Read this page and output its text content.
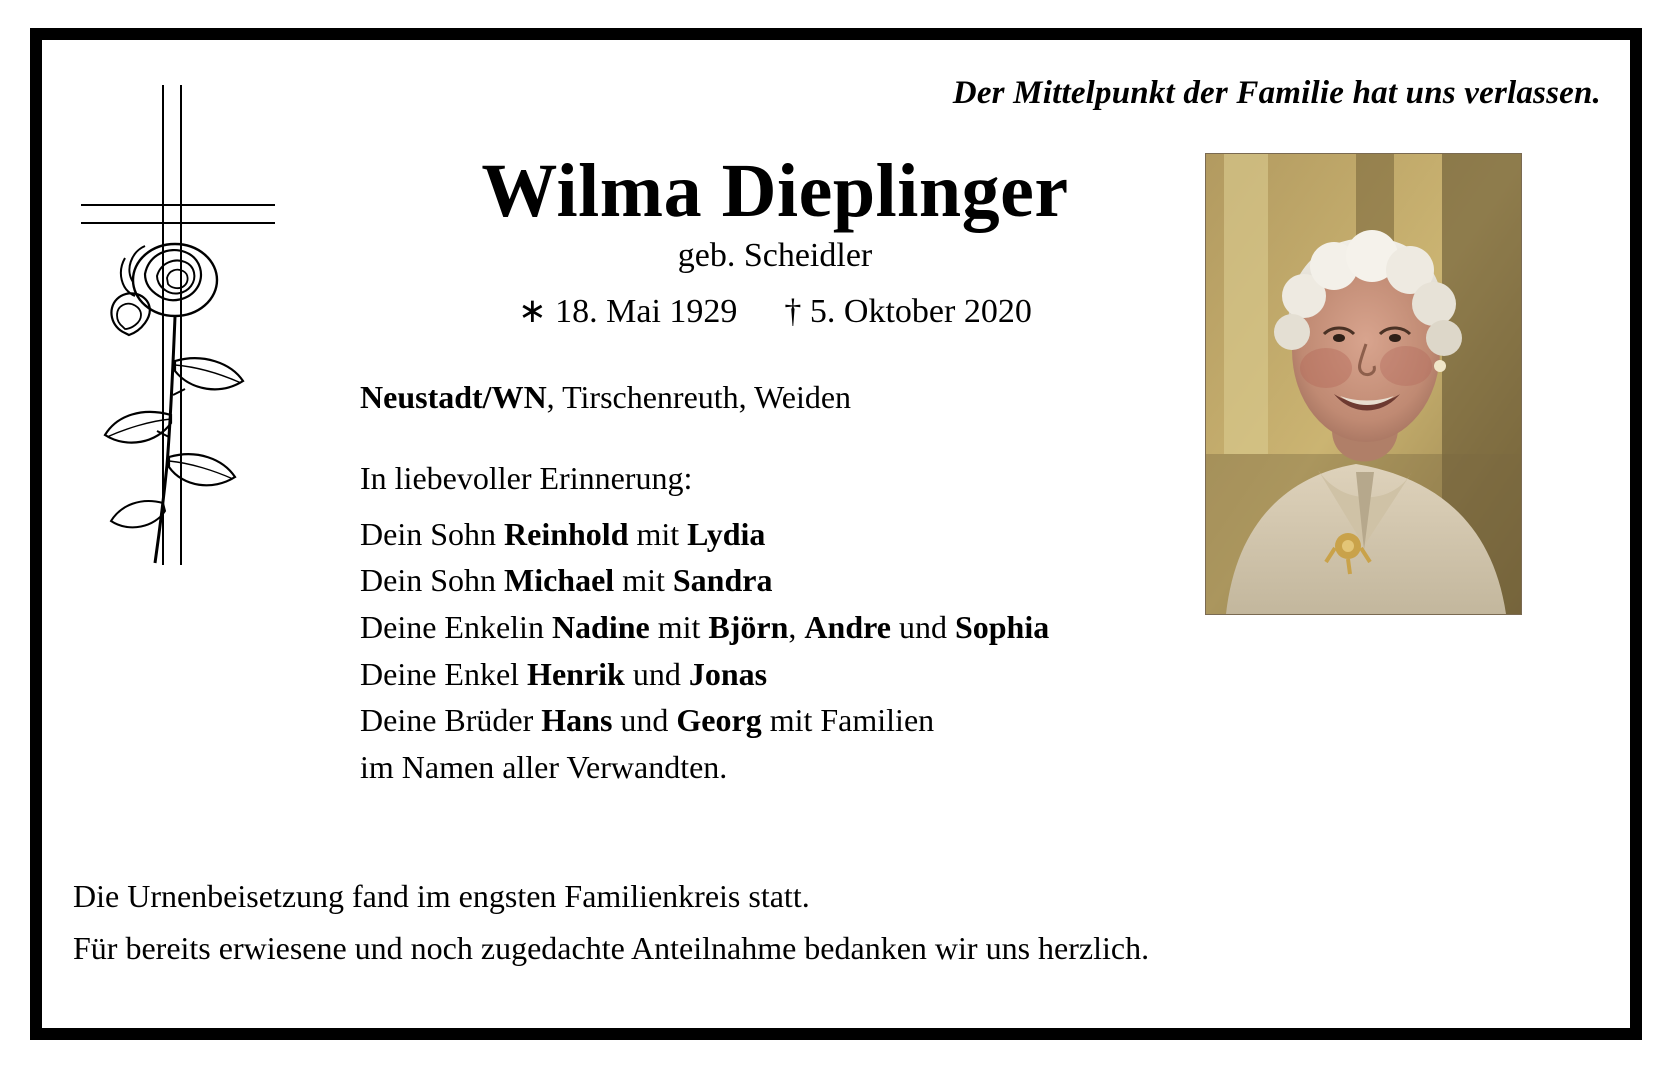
Der Mittelpunkt der Familie hat uns verlassen.
Wilma Dieplinger
geb. Scheidler
∗ 18. Mai 1929 † 5. Oktober 2020
Neustadt/WN, Tirschenreuth, Weiden
In liebevoller Erinnerung:
Dein Sohn Reinhold mit Lydia
Dein Sohn Michael mit Sandra
Deine Enkelin Nadine mit Björn, Andre und Sophia
Deine Enkel Henrik und Jonas
Deine Brüder Hans und Georg mit Familien
im Namen aller Verwandten.
Die Urnenbeisetzung fand im engsten Familienkreis statt.
Für bereits erwiesene und noch zugedachte Anteilnahme bedanken wir uns herzlich.
